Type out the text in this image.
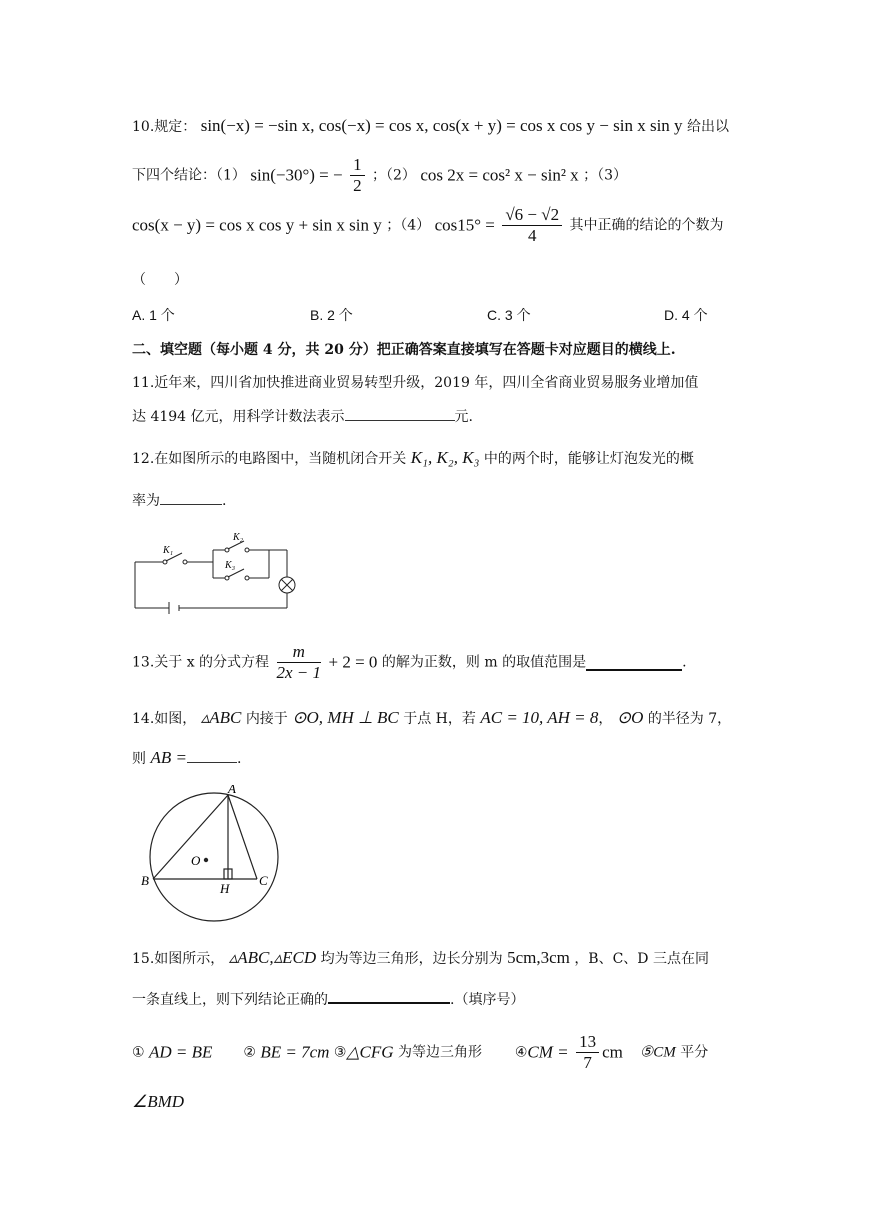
10.规定： sin(−x) = −sin x, cos(−x) = cos x, cos(x + y) = cos x cos y − sin x sin y 给出以
下四个结论：（1） sin(−30°) = − $\frac{1}{2}$ ；（2） cos 2x = cos² x − sin² x ；（3）
cos(x − y) = cos x cos y + sin x sin y ；（4） $\cos 15^\circ = \frac{√6 - √2}{4}$ 其中正确的结论的个数为
（　　）
A. 1 个	B. 2 个	C. 3 个	D. 4 个
二、填空题（每小题 4 分，共 20 分）把正确答案直接填写在答题卡对应题目的横线上.
11.近年来，四川省加快推进商业贸易转型升级，2019 年，四川全省商业贸易服务业增加值
达 4194 亿元，用科学计数法表示	元.
12.在如图所示的电路图中，当随机闭合开关 K₁, K₂, K₃ 中的两个时，能够让灯泡发光的概
率为	.
K₁
K₂
K₃
13.关于 x 的分式方程 $\frac{m}{2x - 1} + 2 = 0$ 的解为正数，则 m 的取值范围是	.
14.如图， ▵ABC 内接于 ⊙O, MH ⊥ BC 于点 H，若 AC = 10, AH = 8， ⊙O 的半径为 7，
则 AB =	.
A
B	C
H
O
15.如图所示， ▵ABC,▵ECD 均为等边三角形，边长分别为 5cm,3cm ，B、C、D 三点在同
一条直线上，则下列结论正确的	.（填序号）
① AD = BE ② BE = 7cm ③△CFG 为等边三角形 ④CM = $\frac{13}{7}$ cm ⑤CM 平分
∠BMD
